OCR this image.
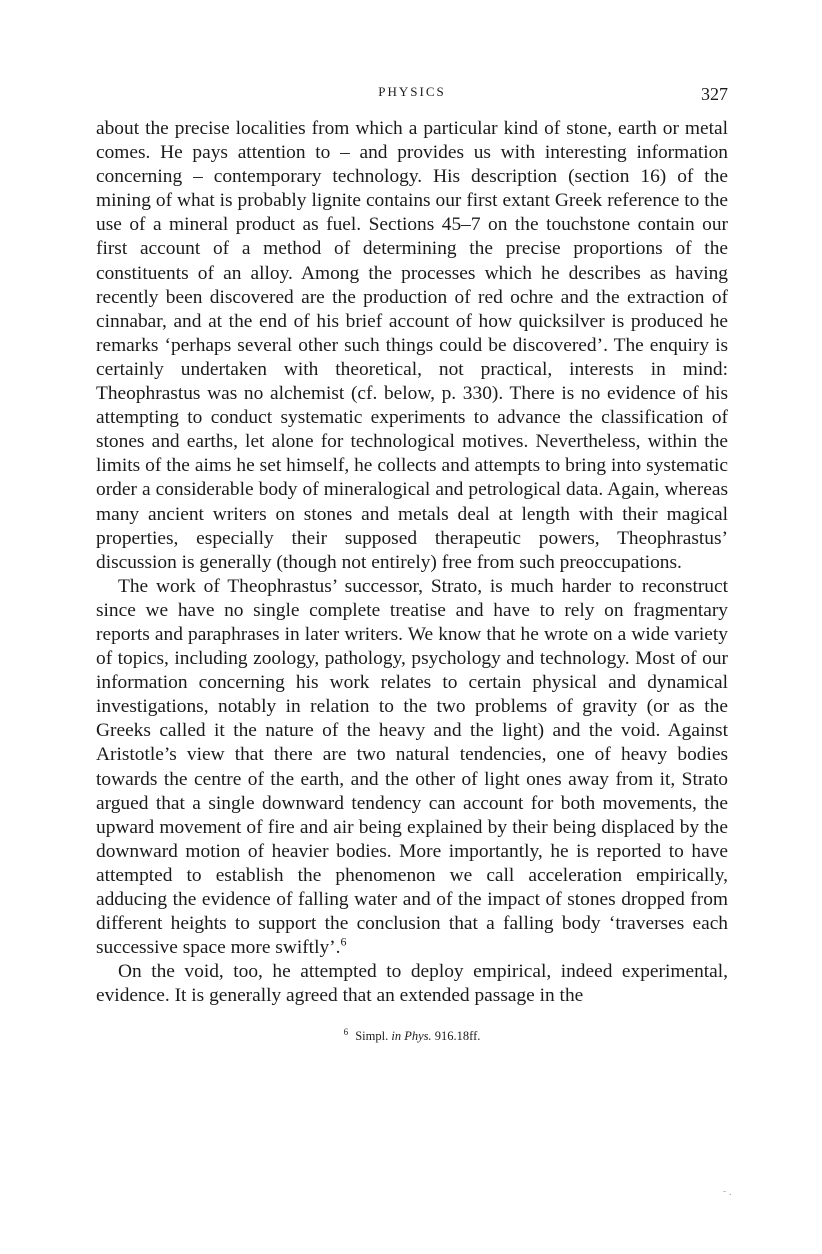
PHYSICS	327

about the precise localities from which a particular kind of stone, earth or metal comes. He pays attention to – and provides us with interesting information concerning – contemporary technology. His description (section 16) of the mining of what is probably lignite contains our first extant Greek reference to the use of a mineral product as fuel. Sections 45–7 on the touchstone contain our first account of a method of determining the precise proportions of the constituents of an alloy. Among the processes which he describes as having recently been discovered are the production of red ochre and the extraction of cinnabar, and at the end of his brief account of how quicksilver is produced he remarks ‘perhaps several other such things could be discovered’. The enquiry is certainly undertaken with theoretical, not practical, interests in mind: Theophrastus was no alchemist (cf. below, p. 330). There is no evidence of his attempting to conduct systematic experiments to advance the classification of stones and earths, let alone for technological motives. Nevertheless, within the limits of the aims he set himself, he collects and attempts to bring into systematic order a considerable body of mineralogical and petrological data. Again, whereas many ancient writers on stones and metals deal at length with their magical properties, especially their supposed therapeutic powers, Theophrastus’ discussion is generally (though not entirely) free from such preoccupations.

The work of Theophrastus’ successor, Strato, is much harder to reconstruct since we have no single complete treatise and have to rely on fragmentary reports and paraphrases in later writers. We know that he wrote on a wide variety of topics, including zoology, pathology, psychology and technology. Most of our information concerning his work relates to certain physical and dynamical investigations, notably in relation to the two problems of gravity (or as the Greeks called it the nature of the heavy and the light) and the void. Against Aristotle’s view that there are two natural tendencies, one of heavy bodies towards the centre of the earth, and the other of light ones away from it, Strato argued that a single downward tendency can account for both movements, the upward movement of fire and air being explained by their being displaced by the downward motion of heavier bodies. More importantly, he is reported to have attempted to establish the phenomenon we call acceleration empirically, adducing the evidence of falling water and of the impact of stones dropped from different heights to support the conclusion that a falling body ‘traverses each successive space more swiftly’.$^6$

On the void, too, he attempted to deploy empirical, indeed experimental, evidence. It is generally agreed that an extended passage in the

$^6$ Simpl. in Phys. 916.18ff.
˜ ·
